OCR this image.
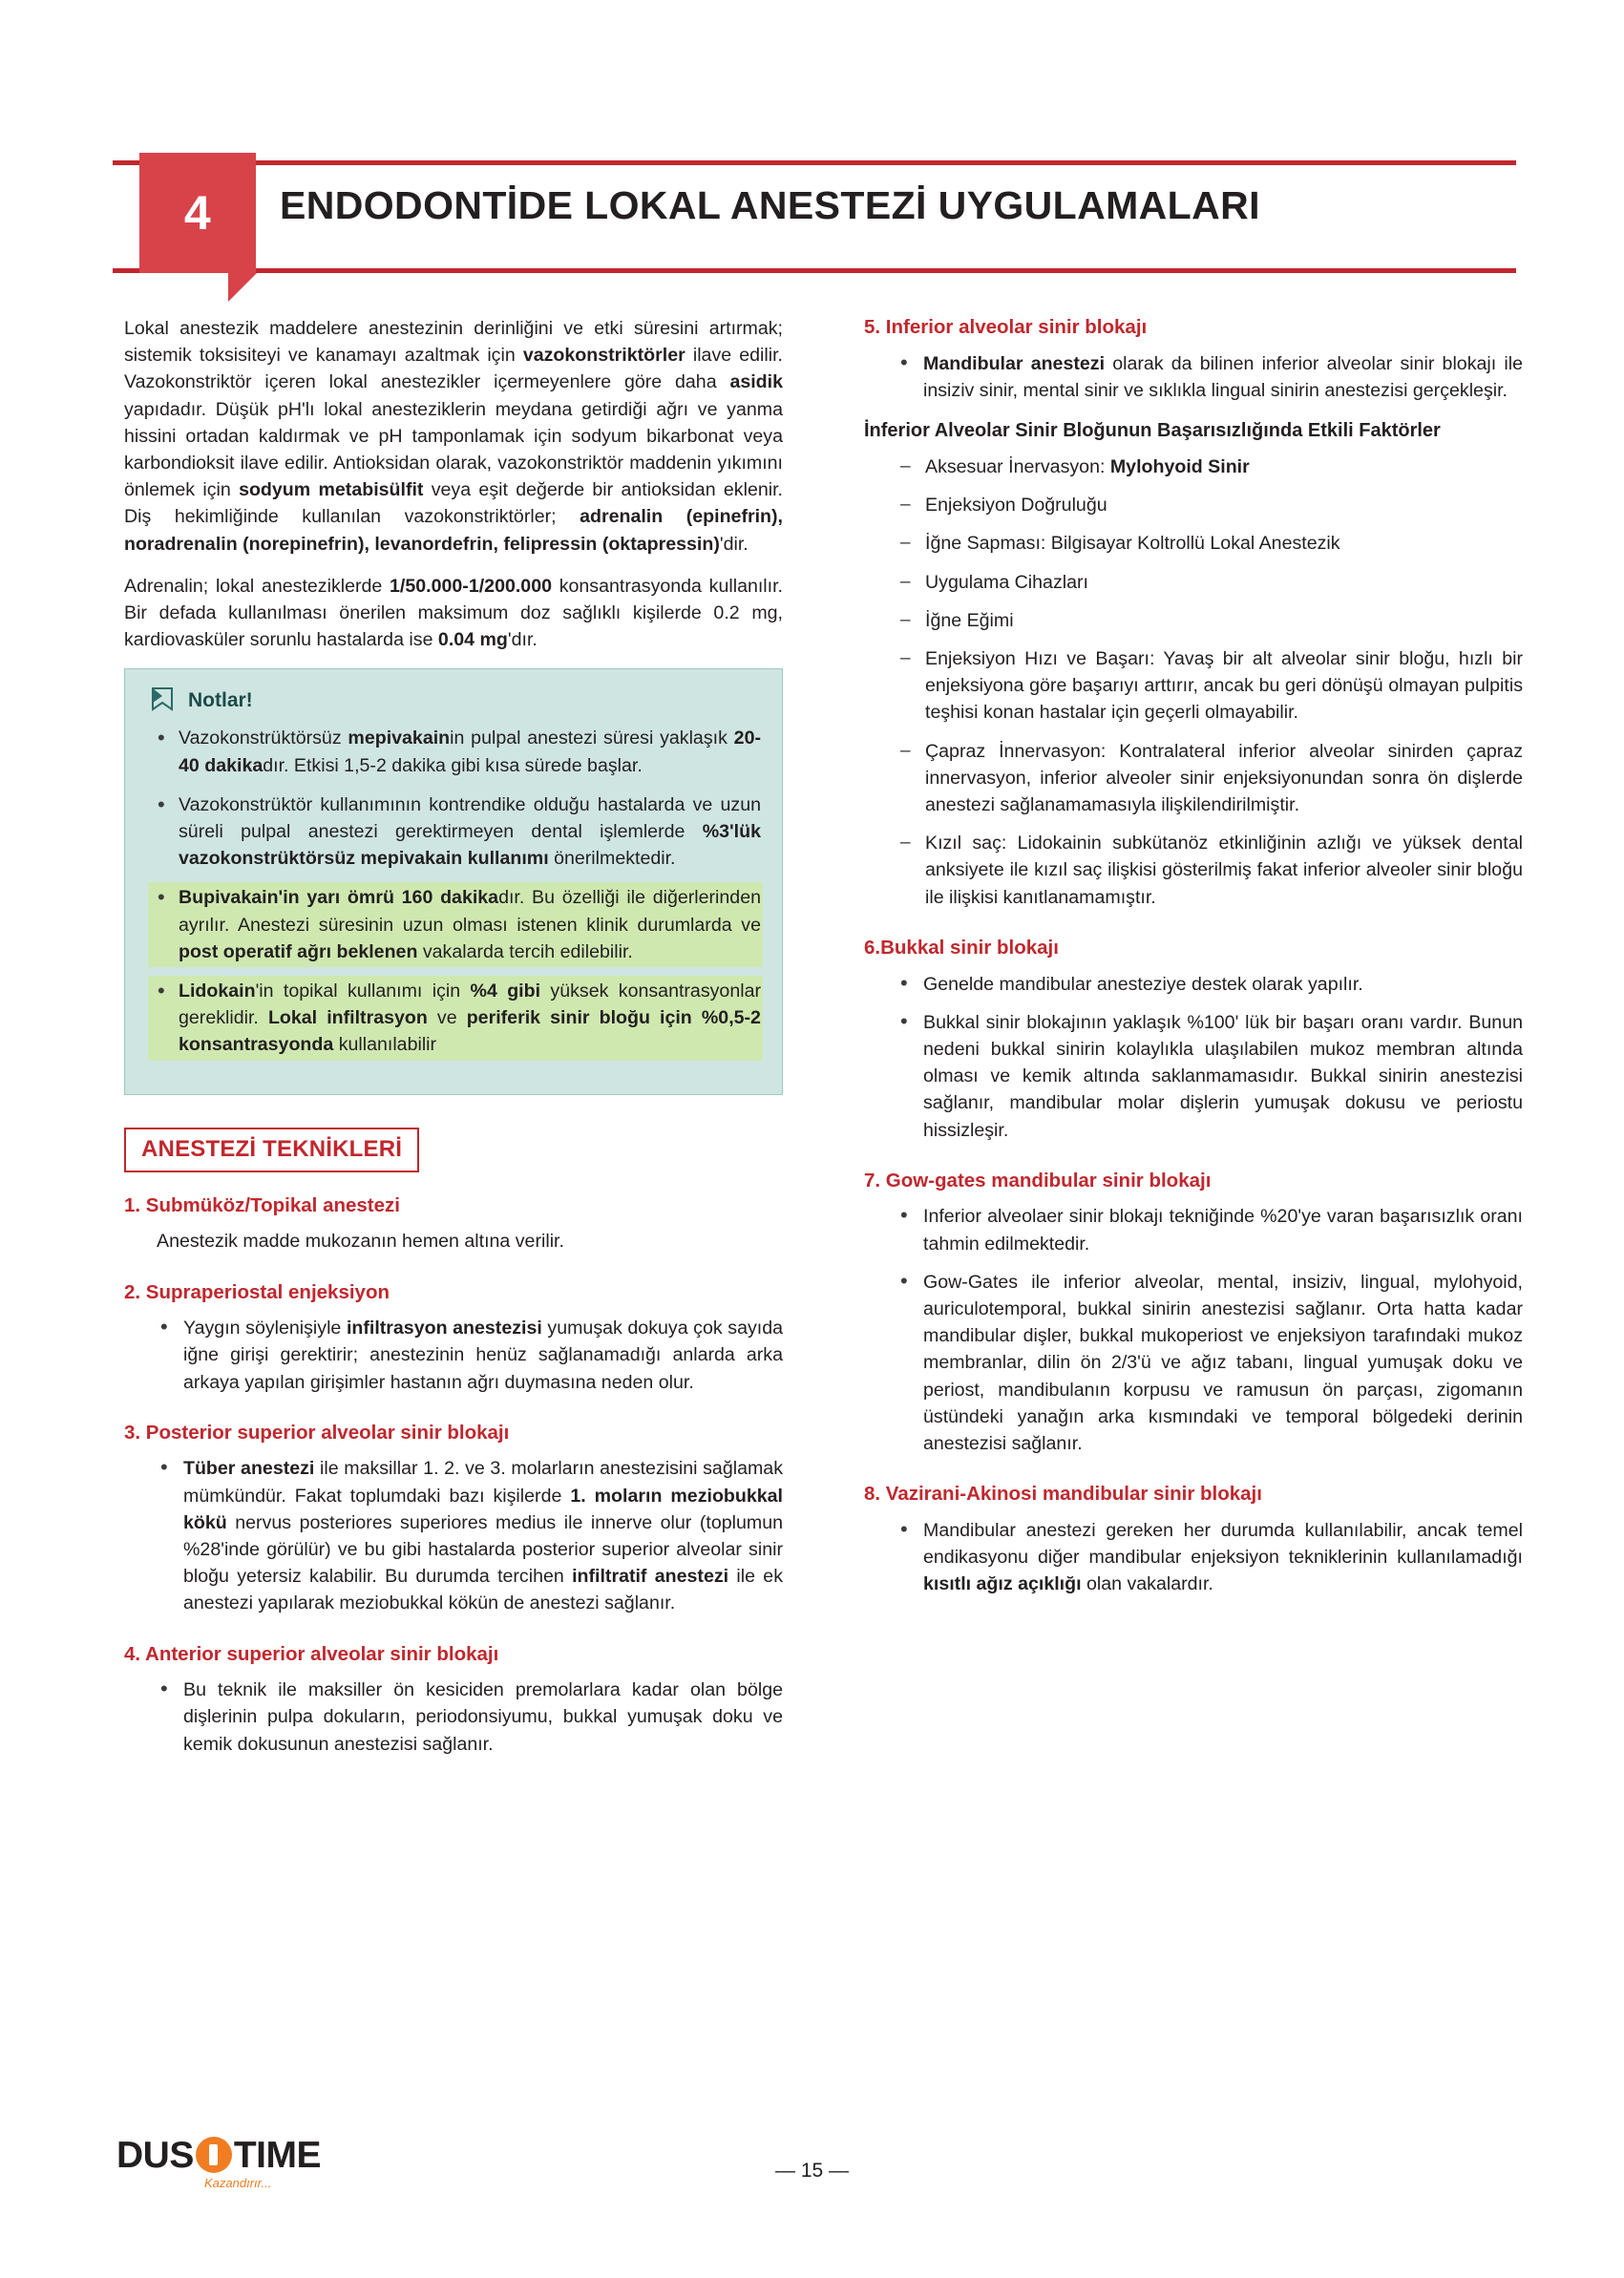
4	ENDODONTİDE LOKAL ANESTEZİ UYGULAMALARI

Lokal anestezik maddelere anestezinin derinliğini ve etki süresini artırmak; sistemik toksisiteyi ve kanamayı azaltmak için vazokonstriktörler ilave edilir. Vazokonstriktör içeren lokal anestezikler içermeyenlere göre daha asidik yapıdadır. Düşük pH'lı lokal anesteziklerin meydana getirdiği ağrı ve yanma hissini ortadan kaldırmak ve pH tamponlamak için sodyum bikarbonat veya karbondioksit ilave edilir. Antioksidan olarak, vazokonstriktör maddenin yıkımını önlemek için sodyum metabisülfit veya eşit değerde bir antioksidan eklenir. Diş hekimliğinde kullanılan vazokonstriktörler; adrenalin (epinefrin), noradrenalin (norepinefrin), levanordefrin, felipressin (oktapressin)'dir.

Adrenalin; lokal anesteziklerde 1/50.000-1/200.000 konsantrasyonda kullanılır. Bir defada kullanılması önerilen maksimum doz sağlıklı kişilerde 0.2 mg, kardiovasküler sorunlu hastalarda ise 0.04 mg'dır.

Notlar!
• Vazokonstrüktörsüz mepivakainin pulpal anestezi süresi yaklaşık 20-40 dakikadır. Etkisi 1,5-2 dakika gibi kısa sürede başlar.
• Vazokonstrüktör kullanımının kontrendike olduğu hastalarda ve uzun süreli pulpal anestezi gerektirmeyen dental işlemlerde %3'lük vazokonstrüktörsüz mepivakain kullanımı önerilmektedir.
• Bupivakain'in yarı ömrü 160 dakikadır. Bu özelliği ile diğerlerinden ayrılır. Anestezi süresinin uzun olması istenen klinik durumlarda ve post operatif ağrı beklenen vakalarda tercih edilebilir.
• Lidokain'in topikal kullanımı için %4 gibi yüksek konsantrasyonlar gereklidir. Lokal infiltrasyon ve periferik sinir bloğu için %0,5-2 konsantrasyonda kullanılabilir
ANESTEZİ TEKNİKLERİ
1. Submüköz/Topikal anestezi
Anestezik madde mukozanın hemen altına verilir.
2. Supraperiostal enjeksiyon
• Yaygın söylenişiyle infiltrasyon anestezisi yumuşak dokuya çok sayıda iğne girişi gerektirir; anestezinin henüz sağlanamadığı anlarda arka arkaya yapılan girişimler hastanın ağrı duymasına neden olur.
3. Posterior superior alveolar sinir blokajı
• Tüber anestezi ile maksillar 1. 2. ve 3. molarların anestezisini sağlamak mümkündür. Fakat toplumdaki bazı kişilerde 1. moların meziobukkal kökü nervus posteriores superiores medius ile innerve olur (toplumun %28'inde görülür) ve bu gibi hastalarda posterior superior alveolar sinir bloğu yetersiz kalabilir. Bu durumda tercihen infiltratif anestezi ile ek anestezi yapılarak meziobukkal kökün de anestezi sağlanır.
4. Anterior superior alveolar sinir blokajı
• Bu teknik ile maksiller ön kesiciden premolarlara kadar olan bölge dişlerinin pulpa dokuların, periodonsiyumu, bukkal yumuşak doku ve kemik dokusunun anestezisi sağlanır.
5. Inferior alveolar sinir blokajı
• Mandibular anestezi olarak da bilinen inferior alveolar sinir blokajı ile insiziv sinir, mental sinir ve sıklıkla lingual sinirin anestezisi gerçekleşir.
İnferior Alveolar Sinir Bloğunun Başarısızlığında Etkili Faktörler
– Aksesuar İnervasyon: Mylohyoid Sinir
– Enjeksiyon Doğruluğu
– İğne Sapması: Bilgisayar Koltrollü Lokal Anestezik
– Uygulama Cihazları
– İğne Eğimi
– Enjeksiyon Hızı ve Başarı: Yavaş bir alt alveolar sinir bloğu, hızlı bir enjeksiyona göre başarıyı arttırır, ancak bu geri dönüşü olmayan pulpitis teşhisi konan hastalar için geçerli olmayabilir.
– Çapraz İnnervasyon: Kontralateral inferior alveolar sinirden çapraz innervasyon, inferior alveoler sinir enjeksiyonundan sonra ön dişlerde anestezi sağlanamamasıyla ilişkilendirilmiştir.
– Kızıl saç: Lidokainin subkütanöz etkinliğinin azlığı ve yüksek dental anksiyete ile kızıl saç ilişkisi gösterilmiş fakat inferior alveoler sinir bloğu ile ilişkisi kanıtlanamamıştır.
6.Bukkal sinir blokajı
• Genelde mandibular anesteziye destek olarak yapılır.
• Bukkal sinir blokajının yaklaşık %100' lük bir başarı oranı vardır. Bunun nedeni bukkal sinirin kolaylıkla ulaşılabilen mukoz membran altında olması ve kemik altında saklanmamasıdır. Bukkal sinirin anestezisi sağlanır, mandibular molar dişlerin yumuşak dokusu ve periostu hissizleşir.
7. Gow-gates mandibular sinir blokajı
• Inferior alveolaer sinir blokajı tekniğinde %20'ye varan başarısızlık oranı tahmin edilmektedir.
• Gow-Gates ile inferior alveolar, mental, insiziv, lingual, mylohyoid, auriculotemporal, bukkal sinirin anestezisi sağlanır. Orta hatta kadar mandibular dişler, bukkal mukoperiost ve enjeksiyon tarafındaki mukoz membranlar, dilin ön 2/3'ü ve ağız tabanı, lingual yumuşak doku ve periost, mandibulanın korpusu ve ramusun ön parçası, zigomanın üstündeki yanağın arka kısmındaki ve temporal bölgedeki derinin anestezisi sağlanır.
8. Vazirani-Akinosi mandibular sinir blokajı
• Mandibular anestezi gereken her durumda kullanılabilir, ancak temel endikasyonu diğer mandibular enjeksiyon tekniklerinin kullanılamadığı kısıtlı ağız açıklığı olan vakalardır.
DUS TIME
Kazandırır...
— 15 —
